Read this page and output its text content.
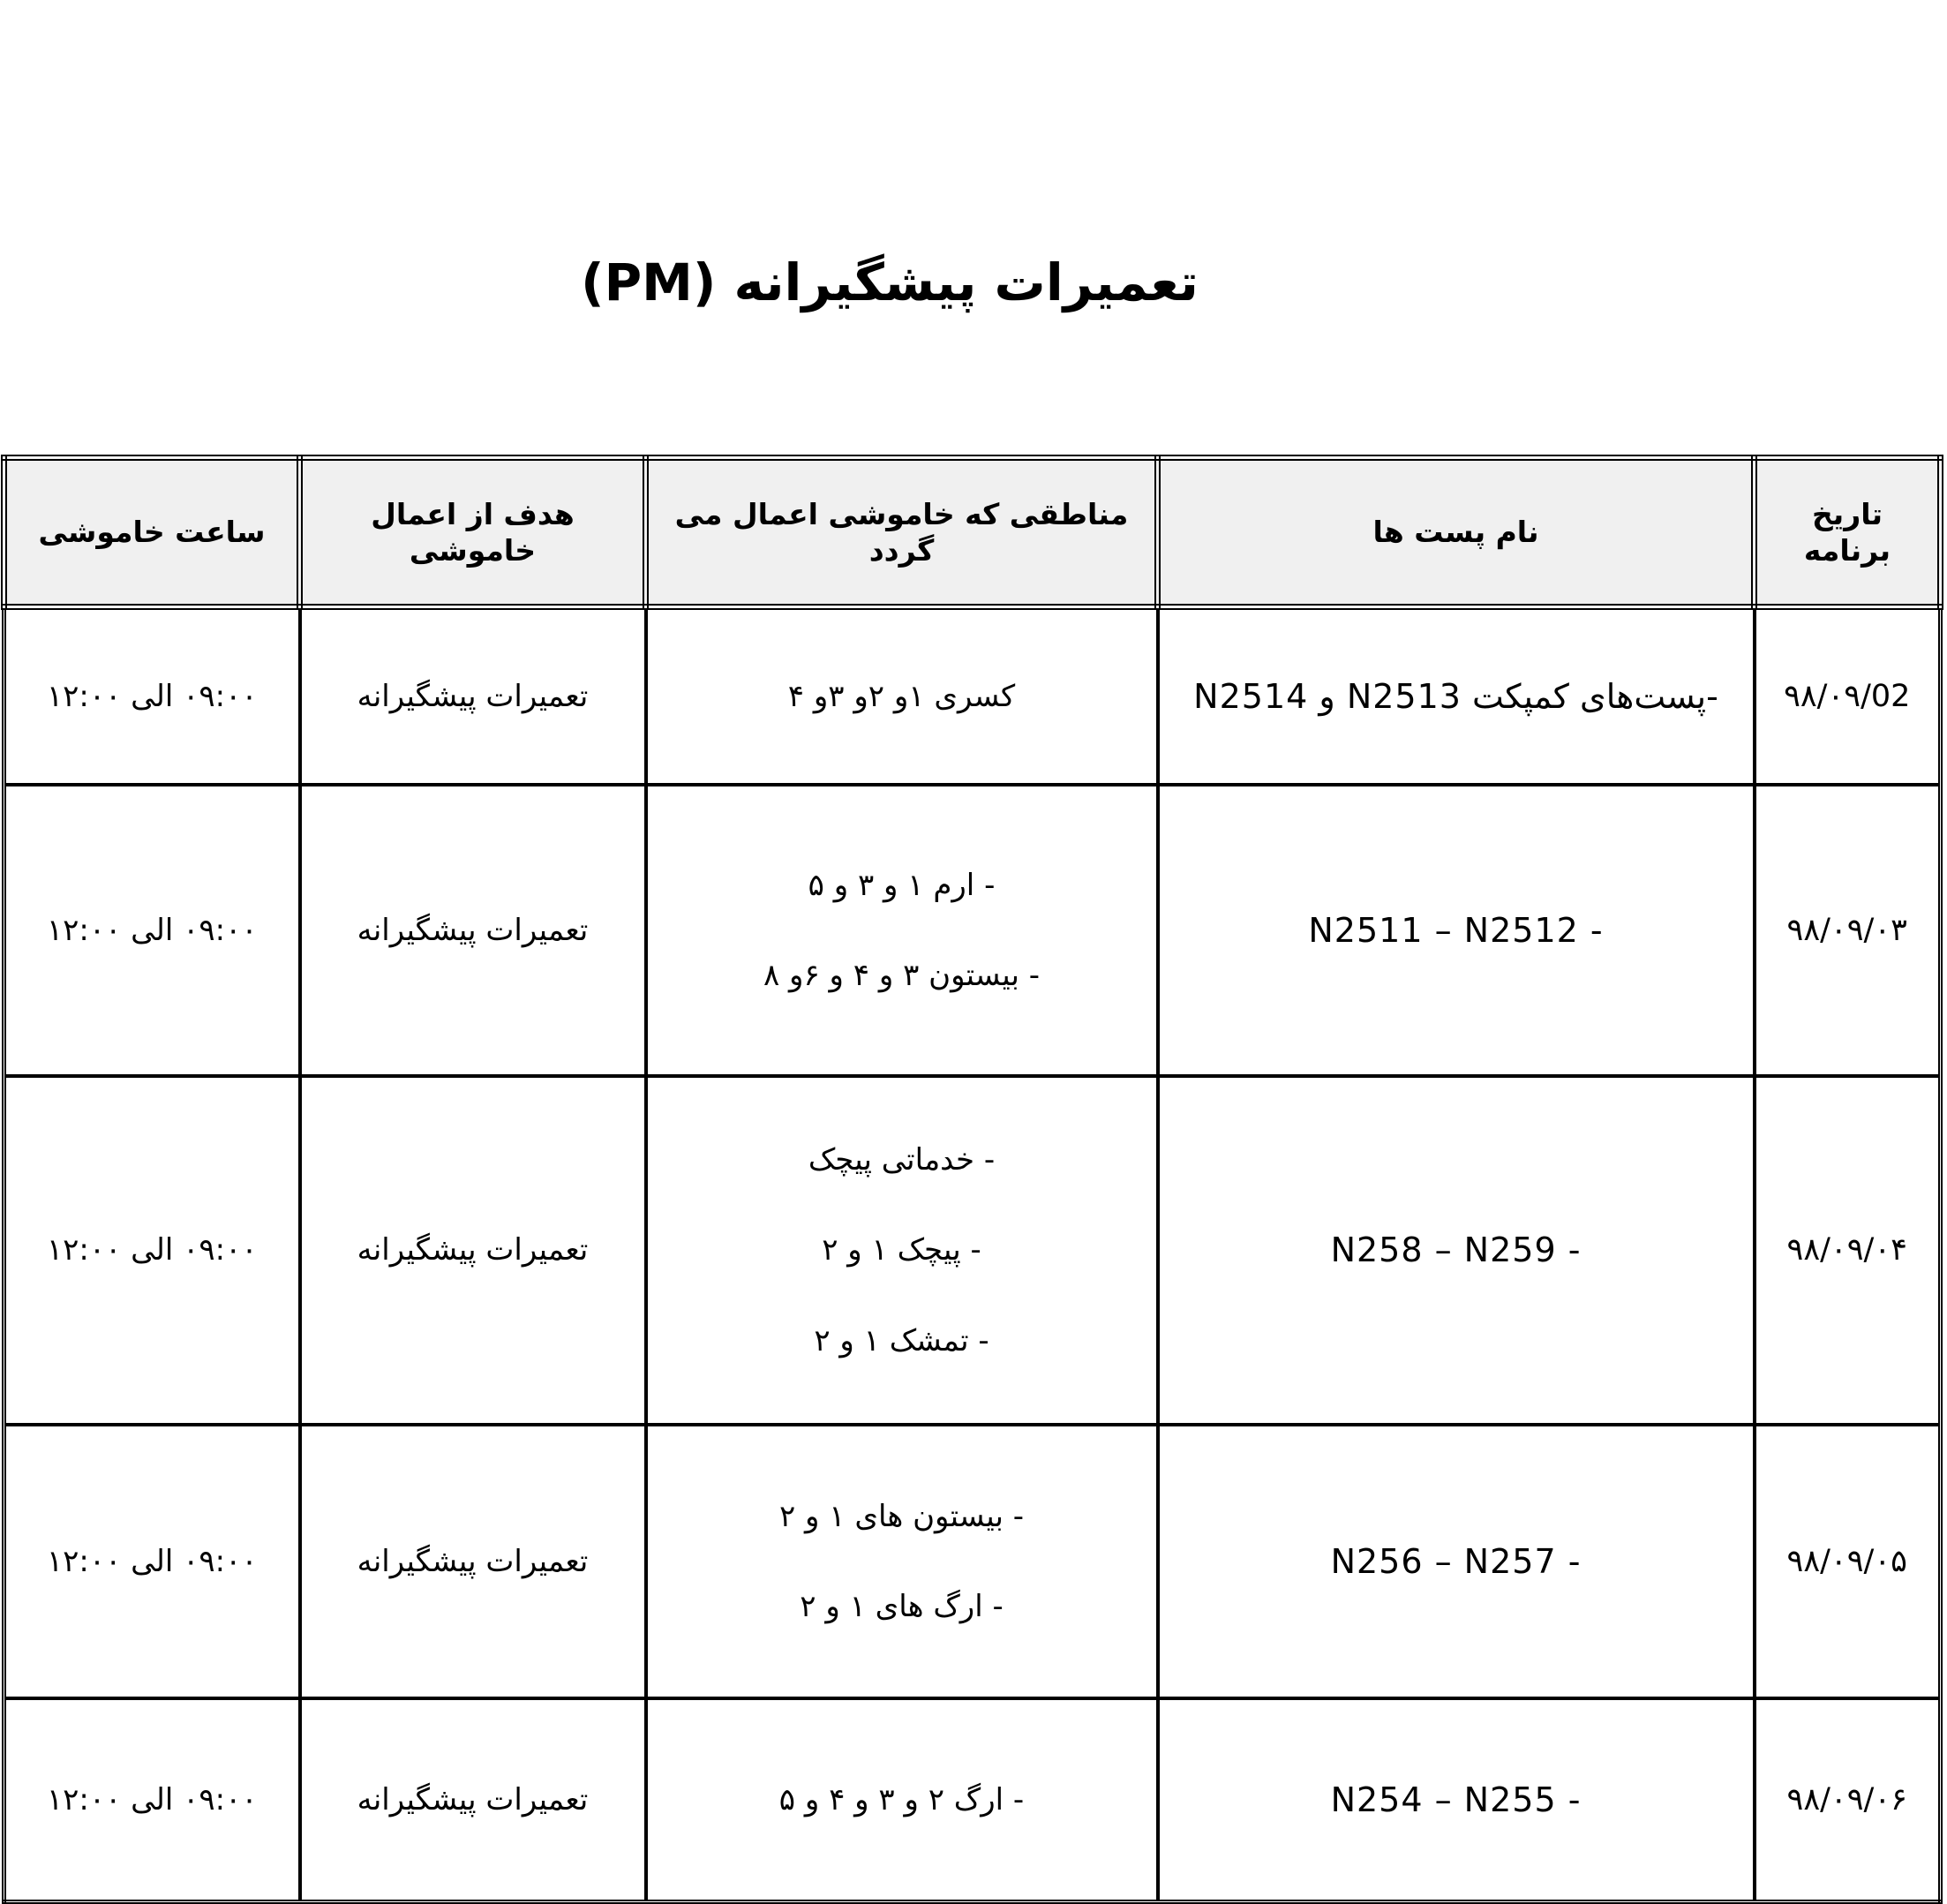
تعمیرات پیشگیرانه (PM)
تاریخ برنامه	نام پست ها	مناطقی که خاموشی اعمال می گردد	هدف از اعمال خاموشی	ساعت خاموشی
۹۸/۰۹/02	-پست‌های کمپکت N2513 و N2514	کسری ۱و ۲و ۳و ۴	تعمیرات پیشگیرانه	۰۹:۰۰ الی ۱۲:۰۰
۹۸/۰۹/۰۳	- N2511 – N2512	- ارم ۱ و ۳ و ۵
- بیستون ۳ و ۴ و ۶و ۸	تعمیرات پیشگیرانه	۰۹:۰۰ الی ۱۲:۰۰
۹۸/۰۹/۰۴	- N258 – N259	- خدماتی پیچک
- پیچک ۱ و ۲
- تمشک ۱ و ۲	تعمیرات پیشگیرانه	۰۹:۰۰ الی ۱۲:۰۰
۹۸/۰۹/۰۵	- N256 – N257	- بیستون های ۱ و ۲
- ارگ های ۱ و ۲	تعمیرات پیشگیرانه	۰۹:۰۰ الی ۱۲:۰۰
۹۸/۰۹/۰۶	- N254 – N255	- ارگ ۲ و ۳ و ۴ و ۵	تعمیرات پیشگیرانه	۰۹:۰۰ الی ۱۲:۰۰
